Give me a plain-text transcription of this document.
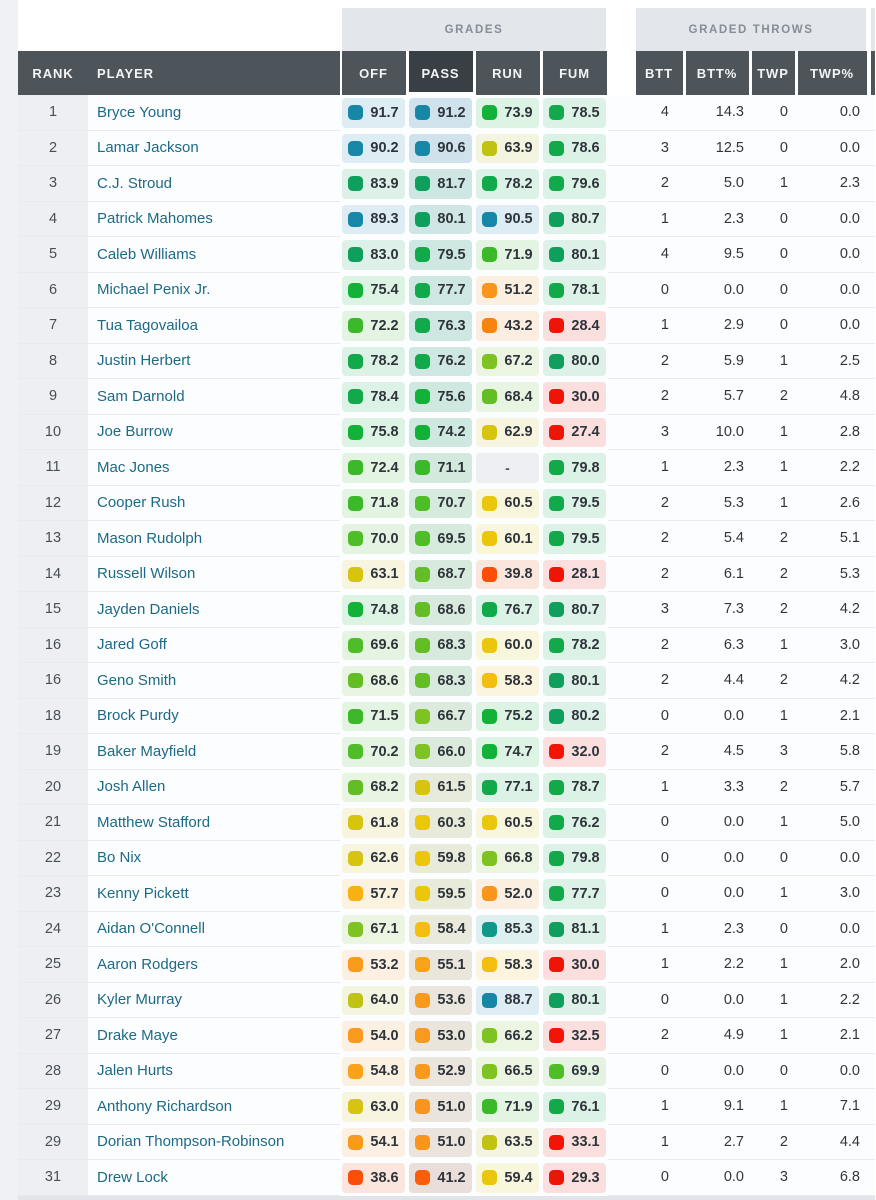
GRADES	GRADED THROWS
RANK	PLAYER	OFF	PASS	RUN	FUM	BTT	BTT%	TWP	TWP%
1	Bryce Young	91.7	91.2	73.9	78.5	4	14.3	0	0.0
2	Lamar Jackson	90.2	90.6	63.9	78.6	3	12.5	0	0.0
3	C.J. Stroud	83.9	81.7	78.2	79.6	2	5.0	1	2.3
4	Patrick Mahomes	89.3	80.1	90.5	80.7	1	2.3	0	0.0
5	Caleb Williams	83.0	79.5	71.9	80.1	4	9.5	0	0.0
6	Michael Penix Jr.	75.4	77.7	51.2	78.1	0	0.0	0	0.0
7	Tua Tagovailoa	72.2	76.3	43.2	28.4	1	2.9	0	0.0
8	Justin Herbert	78.2	76.2	67.2	80.0	2	5.9	1	2.5
9	Sam Darnold	78.4	75.6	68.4	30.0	2	5.7	2	4.8
10	Joe Burrow	75.8	74.2	62.9	27.4	3	10.0	1	2.8
11	Mac Jones	72.4	71.1	-	79.8	1	2.3	1	2.2
12	Cooper Rush	71.8	70.7	60.5	79.5	2	5.3	1	2.6
13	Mason Rudolph	70.0	69.5	60.1	79.5	2	5.4	2	5.1
14	Russell Wilson	63.1	68.7	39.8	28.1	2	6.1	2	5.3
15	Jayden Daniels	74.8	68.6	76.7	80.7	3	7.3	2	4.2
16	Jared Goff	69.6	68.3	60.0	78.2	2	6.3	1	3.0
16	Geno Smith	68.6	68.3	58.3	80.1	2	4.4	2	4.2
18	Brock Purdy	71.5	66.7	75.2	80.2	0	0.0	1	2.1
19	Baker Mayfield	70.2	66.0	74.7	32.0	2	4.5	3	5.8
20	Josh Allen	68.2	61.5	77.1	78.7	1	3.3	2	5.7
21	Matthew Stafford	61.8	60.3	60.5	76.2	0	0.0	1	5.0
22	Bo Nix	62.6	59.8	66.8	79.8	0	0.0	0	0.0
23	Kenny Pickett	57.7	59.5	52.0	77.7	0	0.0	1	3.0
24	Aidan O'Connell	67.1	58.4	85.3	81.1	1	2.3	0	0.0
25	Aaron Rodgers	53.2	55.1	58.3	30.0	1	2.2	1	2.0
26	Kyler Murray	64.0	53.6	88.7	80.1	0	0.0	1	2.2
27	Drake Maye	54.0	53.0	66.2	32.5	2	4.9	1	2.1
28	Jalen Hurts	54.8	52.9	66.5	69.9	0	0.0	0	0.0
29	Anthony Richardson	63.0	51.0	71.9	76.1	1	9.1	1	7.1
29	Dorian Thompson-Robinson	54.1	51.0	63.5	33.1	1	2.7	2	4.4
31	Drew Lock	38.6	41.2	59.4	29.3	0	0.0	3	6.8
